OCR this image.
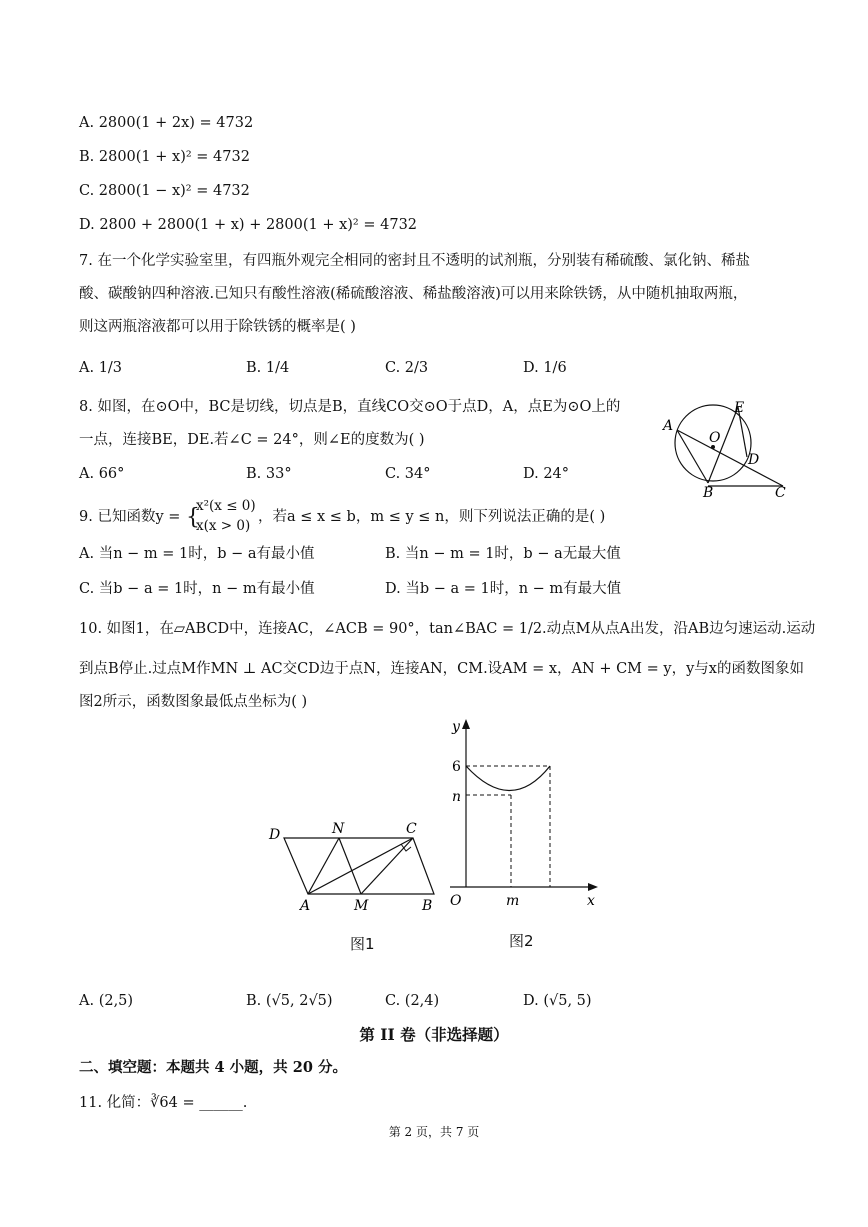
A. 2800(1 + 2x) = 4732
B. 2800(1 + x)² = 4732
C. 2800(1 − x)² = 4732
D. 2800 + 2800(1 + x) + 2800(1 + x)² = 4732
7. 在一个化学实验室里，有四瓶外观完全相同的密封且不透明的试剂瓶，分别装有稀硫酸、氯化钠、稀盐
酸、碳酸钠四种溶液.已知只有酸性溶液(稀硫酸溶液、稀盐酸溶液)可以用来除铁锈，从中随机抽取两瓶，
则这两瓶溶液都可以用于除铁锈的概率是( )
A. 1/3	B. 1/4	C. 2/3	D. 1/6
8. 如图，在⊙O中，BC是切线，切点是B，直线CO交⊙O于点D，A，点E为⊙O上的
一点，连接BE，DE.若∠C = 24°，则∠E的度数为( )
A. 66°	B. 33°	C. 34°	D. 24°
A
O
E
D
B	C
9. 已知函数y = {
x²(x ≤ 0)
x(x > 0)
，若a ≤ x ≤ b，m ≤ y ≤ n，则下列说法正确的是( )
A. 当n − m = 1时，b − a有最小值	B. 当n − m = 1时，b − a无最大值
C. 当b − a = 1时，n − m有最小值	D. 当b − a = 1时，n − m有最大值
10. 如图1，在▱ABCD中，连接AC，∠ACB = 90°，tan∠BAC = 1/2.动点M从点A出发，沿AB边匀速运动.运动
到点B停止.过点M作MN ⊥ AC交CD边于点N，连接AN，CM.设AM = x，AN + CM = y，y与x的函数图象如
图2所示，函数图象最低点坐标为( )
D	N	C
A	M	B
图1
y
6
n
O	m	x
图2
A. (2,5)	B. (√5, 2√5)	C. (2,4)	D. (√5, 5)
第 II 卷（非选择题）
二、填空题：本题共 4 小题，共 20 分。
11. 化简：∛64 = ______.
第 2 页，共 7 页
